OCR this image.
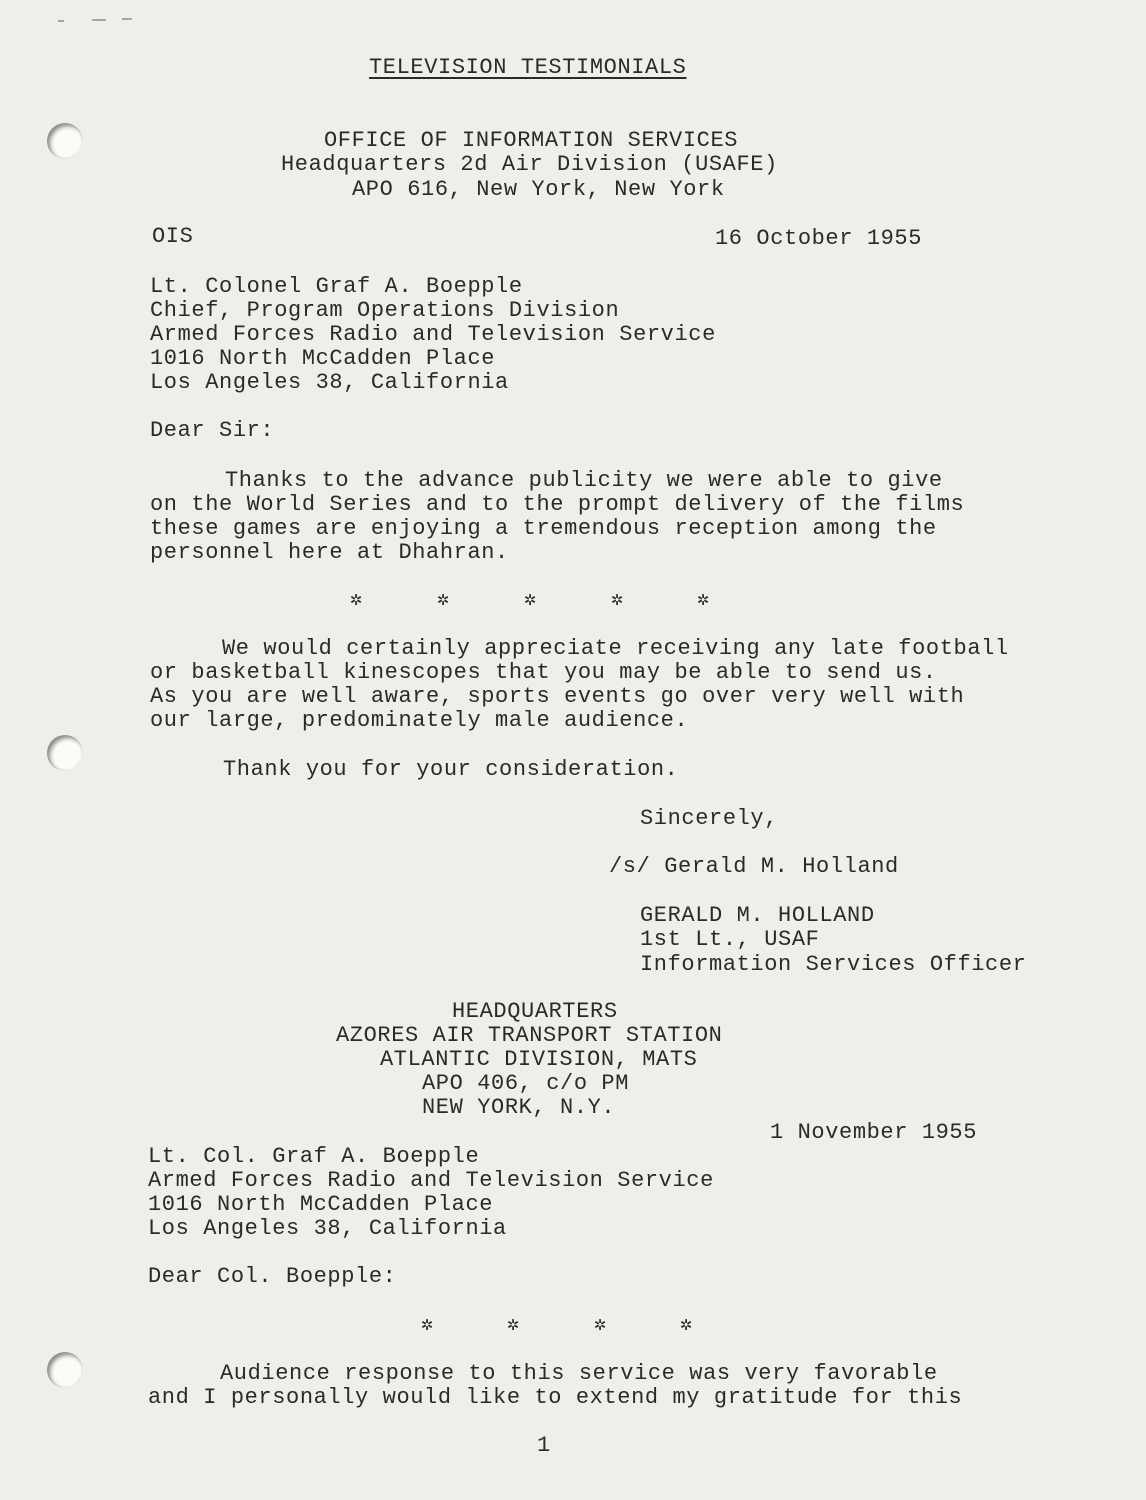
TELEVISION TESTIMONIALS
OFFICE OF INFORMATION SERVICES
Headquarters 2d Air Division (USAFE)
APO 616, New York, New York
OIS	16 October 1955
Lt. Colonel Graf A. Boepple
Chief, Program Operations Division
Armed Forces Radio and Television Service
1016 North McCadden Place
Los Angeles 38, California
Dear Sir:
Thanks to the advance publicity we were able to give
on the World Series and to the prompt delivery of the films
these games are enjoying a tremendous reception among the
personnel here at Dhahran.
✲	✲	✲	✲	✲
We would certainly appreciate receiving any late football
or basketball kinescopes that you may be able to send us.
As you are well aware, sports events go over very well with
our large, predominately male audience.
Thank you for your consideration.
Sincerely,
/s/ Gerald M. Holland
GERALD M. HOLLAND
1st Lt., USAF
Information Services Officer
HEADQUARTERS
AZORES AIR TRANSPORT STATION
ATLANTIC DIVISION, MATS
APO 406, c/o PM
NEW YORK, N.Y.
1 November 1955
Lt. Col. Graf A. Boepple
Armed Forces Radio and Television Service
1016 North McCadden Place
Los Angeles 38, California
Dear Col. Boepple:
✲	✲	✲	✲
Audience response to this service was very favorable
and I personally would like to extend my gratitude for this
1
